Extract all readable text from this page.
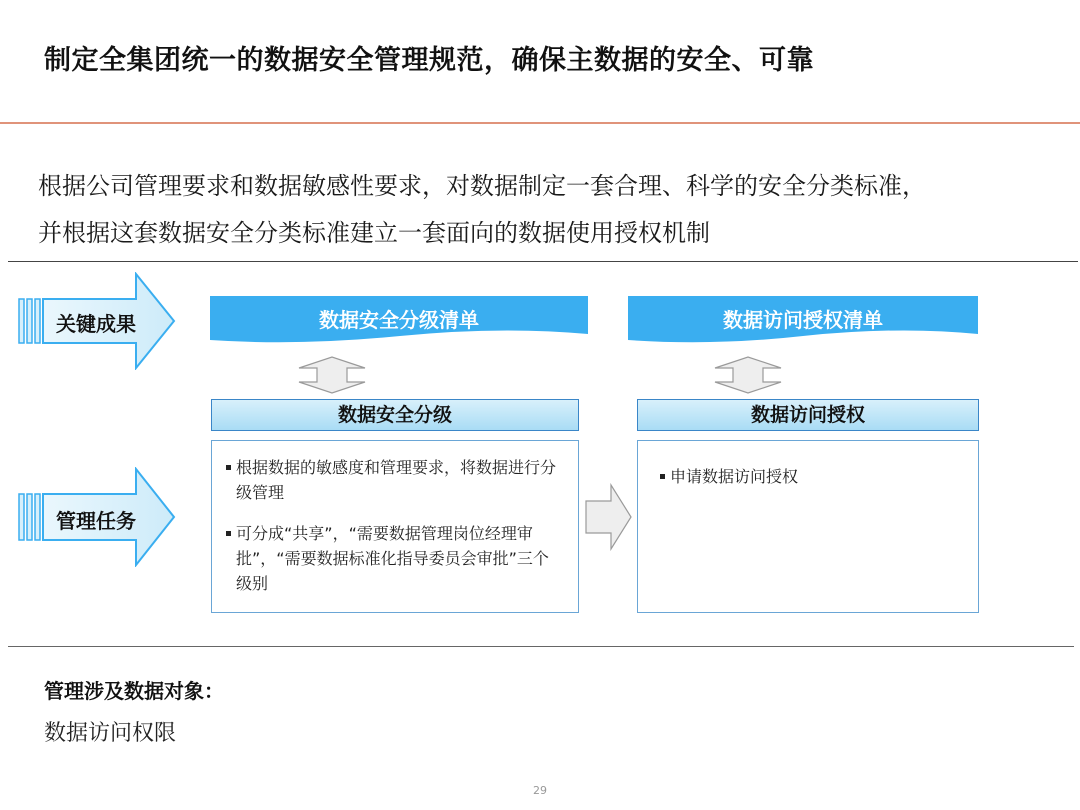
制定全集团统一的数据安全管理规范，确保主数据的安全、可靠
根据公司管理要求和数据敏感性要求，对数据制定一套合理、科学的安全分类标准，
并根据这套数据安全分类标准建立一套面向的数据使用授权机制
关键成果
管理任务
数据安全分级清单	数据访问授权清单
数据安全分级	数据访问授权
根据数据的敏感度和管理要求，将数据进行分级管理
可分成“共享”，“需要数据管理岗位经理审批”，“需要数据标准化指导委员会审批”三个级别
申请数据访问授权
管理涉及数据对象：
数据访问权限
29
